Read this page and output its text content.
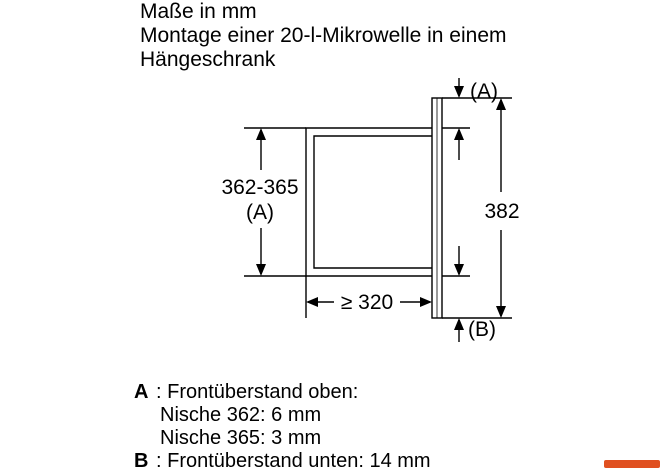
Maße in mm
Montage einer 20-l-Mikrowelle in einem
Hängeschrank
362-365
(A)
≥ 320
382
(A)
(B)
A : Frontüberstand oben:
Nische 362: 6 mm
Nische 365: 3 mm
B : Frontüberstand unten: 14 mm
